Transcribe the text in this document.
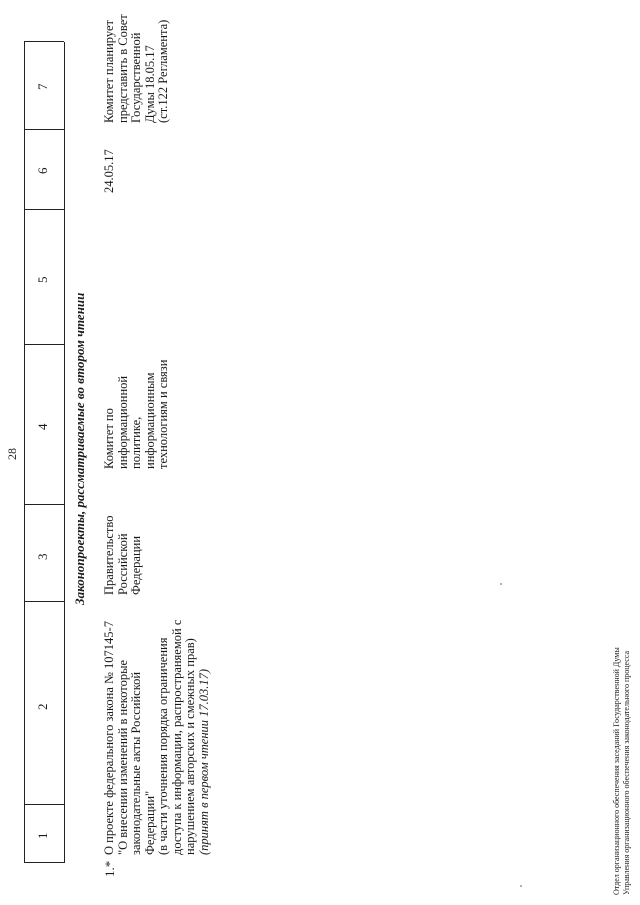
28
1
2
3
4
5
6
7
Законопроекты, рассматриваемые во втором чтении
1.*
О проекте федерального закона № 107145-7 "О внесении изменений в некоторые законодательные акты Российской Федерации" (в части уточнения порядка ограничения доступа к информации, распространяемой с нарушением авторских и смежных прав) (принят в первом чтении 17.03.17)
Правительство Российской Федерации
Комитет по информационной политике, информационным технологиям и связи
24.05.17
Комитет планирует представить в Совет Государственной Думы 18.05.17 (ст.122 Регламента)
Отдел организационного обеспечения заседаний Государственной Думы Управления организационного обеспечения законодательного процесса
